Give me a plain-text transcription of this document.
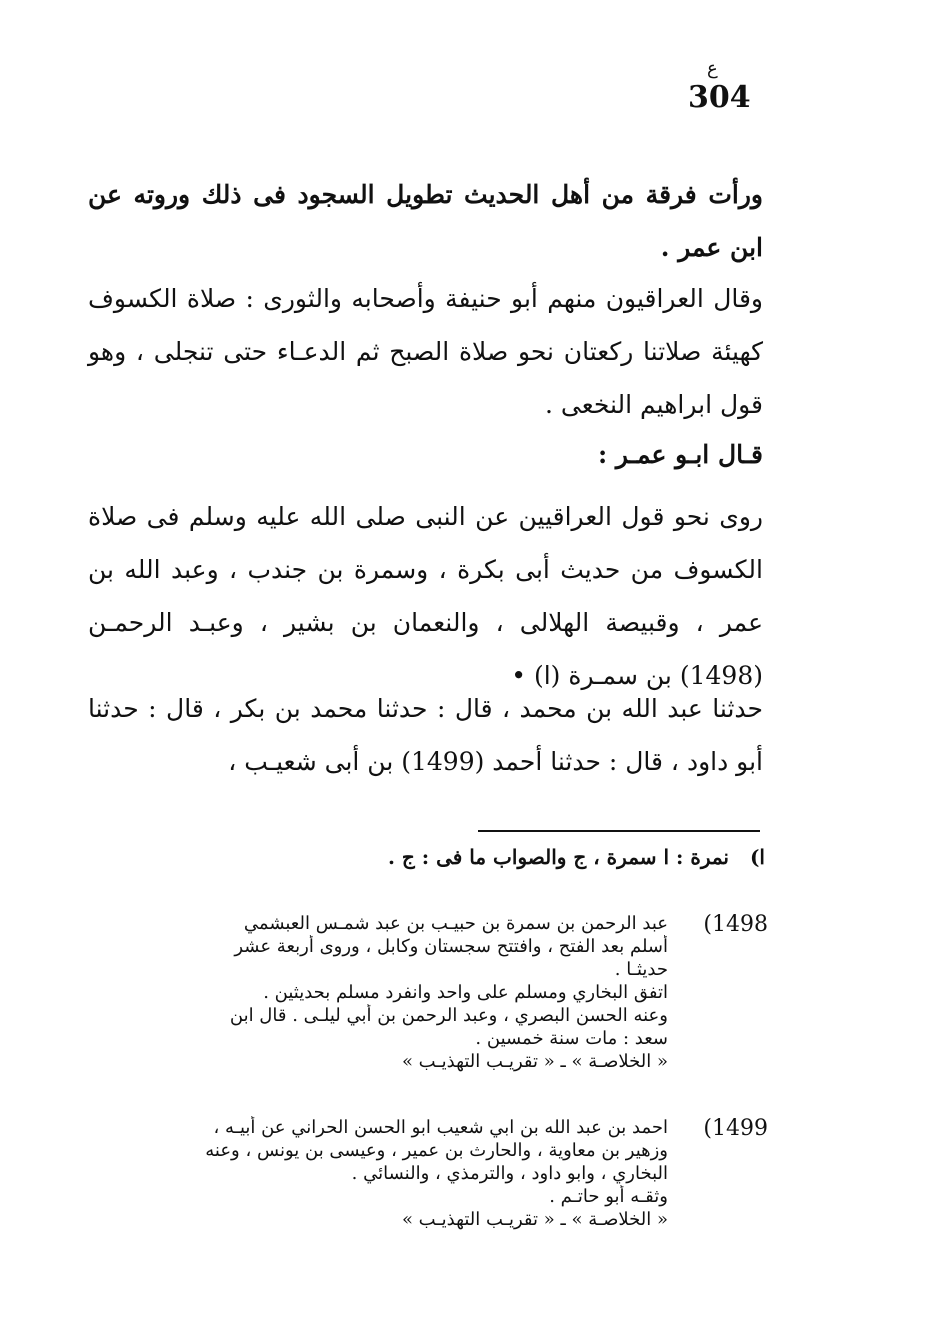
ع
304
ورأت فرقة من أهل الحديث تطويل السجود فى ذلك وروته عن ابن عمر .
وقال العراقيون منهم أبو حنيفة وأصحابه والثورى : صلاة الكسوف كهيئة صلاتنا ركعتان نحو صلاة الصبح ثم الدعـاء حتى تنجلى ، وهو قول ابراهيم النخعى .
قـال ابـو عمـر :
روى نحو قول العراقيين عن النبى صلى الله عليه وسلم فى صلاة الكسوف من حديث أبى بكرة ، وسمرة بن جندب ، وعبد الله بن عمر ، وقبيصة الهلالى ، والنعمان بن بشير ، وعبـد الرحمـن (1498) بن سمـرة (ا) •
حدثنا عبد الله بن محمد ، قال : حدثنا محمد بن بكر ، قال : حدثنا أبو داود ، قال : حدثنا أحمد (1499) بن أبى شعيـب ،
ا) نمرة : ا سمرة ، ج والصواب ما فى : ج .
1498)
عبد الرحمن بن سمرة بن حبيـب بن عبد شمـس العبشمي
أسلم بعد الفتح ، وافتتح سجستان وكابل ، وروى أربعة عشر
حديثـا .
اتفق البخاري ومسلم على واحد وانفرد مسلم بحديثين .
وعنه الحسن البصري ، وعبد الرحمن بن أبي ليلـى . قال ابن
سعد : مات سنة خمسين .
« الخلاصـة » ـ « تقريـب التهذيـب »
1499)
احمد بن عبد الله بن ابي شعيب ابو الحسن الحراني عن أبيـه ،
وزهير بن معاوية ، والحارث بن عمير ، وعيسى بن يونس ، وعنه
البخاري ، وابو داود ، والترمذي ، والنسائي .
وثقـه أبو حاتـم .
« الخلاصـة » ـ « تقريـب التهذيـب »
